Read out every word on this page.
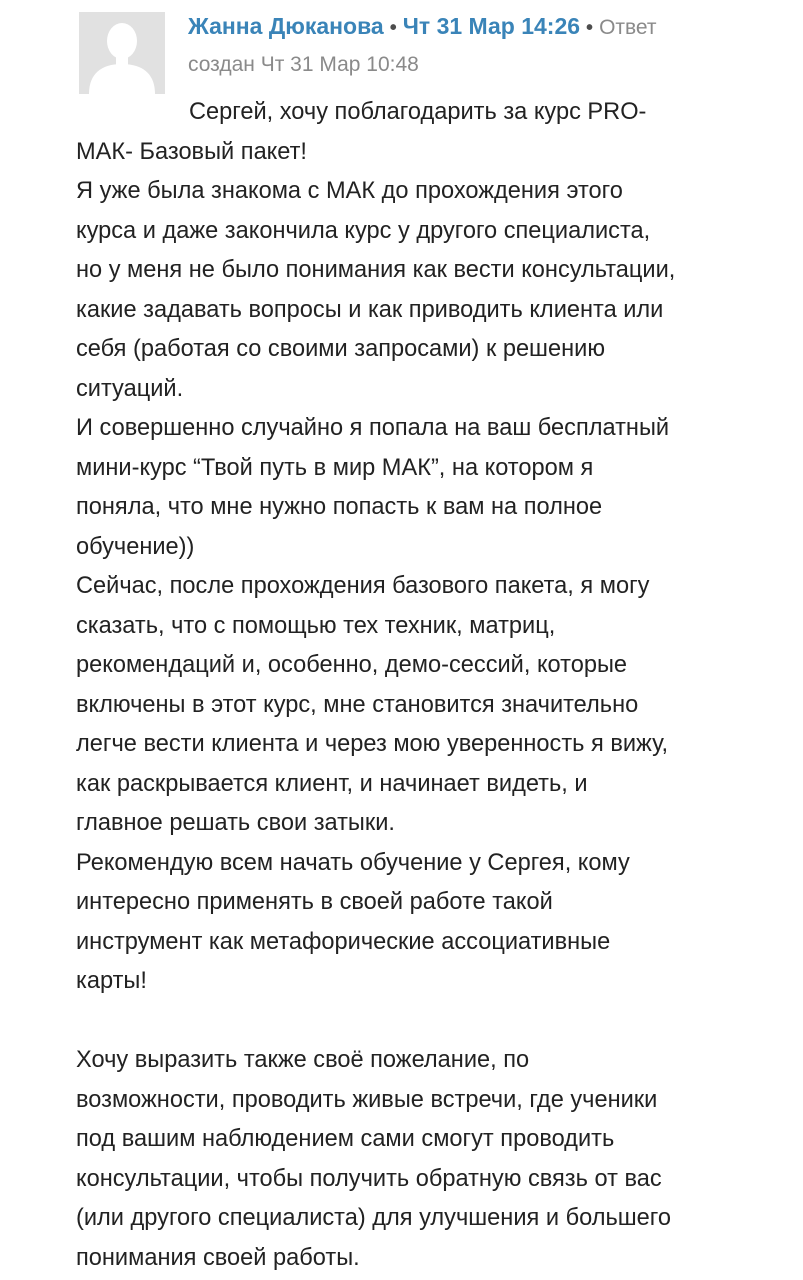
Жанна Дюканова • Чт 31 Мар 14:26 • Ответ
создан Чт 31 Мар 10:48
Сергей, хочу поблагодарить за курс PRO-
МАК- Базовый пакет!
Я уже была знакома с МАК до прохождения этого
курса и даже закончила курс у другого специалиста,
но у меня не было понимания как вести консультации,
какие задавать вопросы и как приводить клиента или
себя (работая со своими запросами) к решению
ситуаций.
И совершенно случайно я попала на ваш бесплатный
мини-курс “Твой путь в мир МАК”, на котором я
поняла, что мне нужно попасть к вам на полное
обучение))
Сейчас, после прохождения базового пакета, я могу
сказать, что с помощью тех техник, матриц,
рекомендаций и, особенно, демо-сессий, которые
включены в этот курс, мне становится значительно
легче вести клиента и через мою уверенность я вижу,
как раскрывается клиент, и начинает видеть, и
главное решать свои затыки.
Рекомендую всем начать обучение у Сергея, кому
интересно применять в своей работе такой
инструмент как метафорические ассоциативные
карты!
Хочу выразить также своё пожелание, по
возможности, проводить живые встречи, где ученики
под вашим наблюдением сами смогут проводить
консультации, чтобы получить обратную связь от вас
(или другого специалиста) для улучшения и большего
понимания своей работы.
